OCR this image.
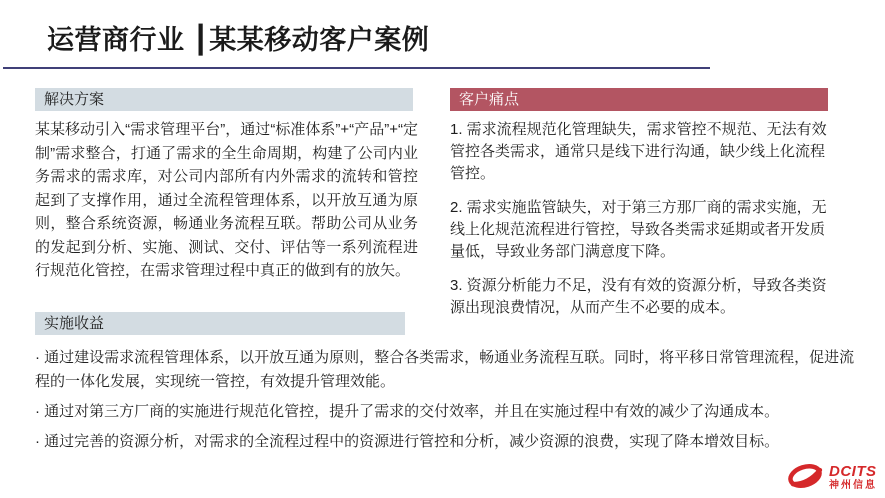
运营商行业 ┃某某移动客户案例
解决方案

某某移动引入“需求管理平台”，通过“标准体系”+“产品”+“定制”需求整合，打通了需求的全生命周期，构建了公司内业务需求的需求库，对公司内部所有内外需求的流转和管控起到了支撑作用，通过全流程管理体系，以开放互通为原则，整合系统资源，畅通业务流程互联。帮助公司从业务的发起到分析、实施、测试、交付、评估等一系列流程进行规范化管控，在需求管理过程中真正的做到有的放矢。

客户痛点

1. 需求流程规范化管理缺失，需求管控不规范、无法有效管控各类需求，通常只是线下进行沟通，缺少线上化流程管控。

2. 需求实施监管缺失，对于第三方那厂商的需求实施，无线上化规范流程进行管控，导致各类需求延期或者开发质量低，导致业务部门满意度下降。

3. 资源分析能力不足，没有有效的资源分析，导致各类资源出现浪费情况，从而产生不必要的成本。

实施收益

· 通过建设需求流程管理体系，以开放互通为原则，整合各类需求，畅通业务流程互联。同时，将平移日常管理流程，促进流程的一体化发展，实现统一管控，有效提升管理效能。

· 通过对第三方厂商的实施进行规范化管控，提升了需求的交付效率，并且在实施过程中有效的减少了沟通成本。

· 通过完善的资源分析，对需求的全流程过程中的资源进行管控和分析，减少资源的浪费，实现了降本增效目标。

DCITS
神州信息
